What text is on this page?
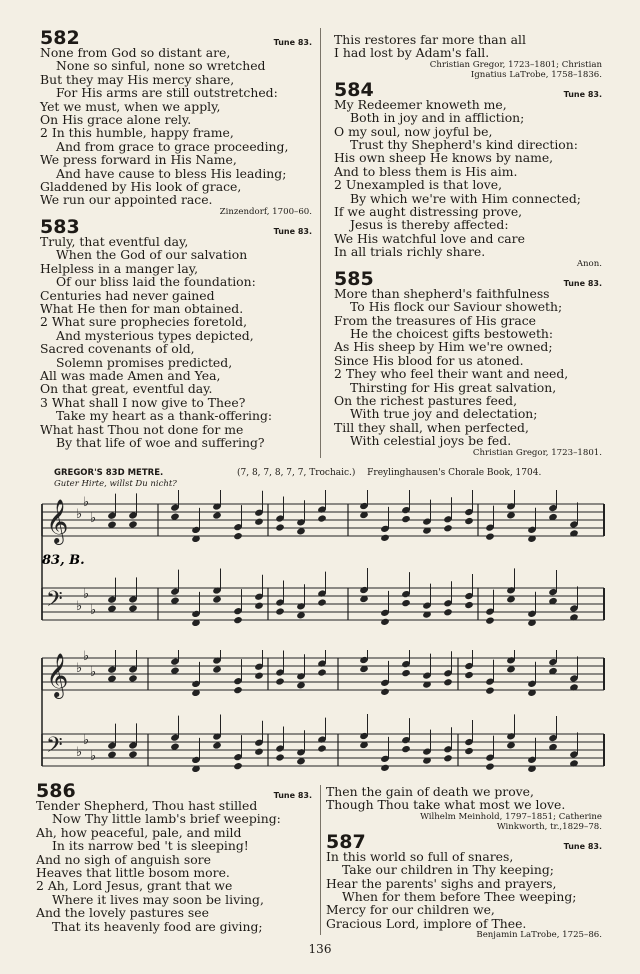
582	Tune 83.
None from God so distant are,
None so sinful, none so wretched
But they may His mercy share,
For His arms are still outstretched:
Yet we must, when we apply,
On His grace alone rely.
2 In this humble, happy frame,
And from grace to grace proceeding,
We press forward in His Name,
And have cause to bless His leading;
Gladdened by His look of grace,
We run our appointed race.
Zinzendorf, 1700–60.
583	Tune 83.
Truly, that eventful day,
When the God of our salvation
Helpless in a manger lay,
Of our bliss laid the foundation:
Centuries had never gained
What He then for man obtained.
2 What sure prophecies foretold,
And mysterious types depicted,
Sacred covenants of old,
Solemn promises predicted,
All was made Amen and Yea,
On that great, eventful day.
3 What shall I now give to Thee?
Take my heart as a thank-offering:
What hast Thou not done for me
By that life of woe and suffering?
This restores far more than all
I had lost by Adam's fall.
Christian Gregor, 1723–1801; Christian
Ignatius LaTrobe, 1758–1836.
584	Tune 83.
My Redeemer knoweth me,
Both in joy and in affliction;
O my soul, now joyful be,
Trust thy Shepherd's kind direction:
His own sheep He knows by name,
And to bless them is His aim.
2 Unexampled is that love,
By which we're with Him connected;
If we aught distressing prove,
Jesus is thereby affected:
We His watchful love and care
In all trials richly share.
Anon.
585	Tune 83.
More than shepherd's faithfulness
To His flock our Saviour showeth;
From the treasures of His grace
He the choicest gifts bestoweth:
As His sheep by Him we're owned;
Since His blood for us atoned.
2 They who feel their want and need,
Thirsting for His great salvation,
On the richest pastures feed,
With true joy and delectation;
Till they shall, when perfected,
With celestial joys be fed.
Christian Gregor, 1723–1801.
GREGOR'S 83D METRE.	(7, 8, 7, 8, 7, 7, Trochaic.) Freylinghausen's Chorale Book, 1704.
Guter Hirte, willst Du nicht?
𝄞 ♭
♭
♭
𝄢 ♭
♭
♭
83, B.
𝄞 ♭
♭
♭
𝄢 ♭
♭
♭
586	Tune 83.
Tender Shepherd, Thou hast stilled
Now Thy little lamb's brief weeping:
Ah, how peaceful, pale, and mild
In its narrow bed 't is sleeping!
And no sigh of anguish sore
Heaves that little bosom more.
2 Ah, Lord Jesus, grant that we
Where it lives may soon be living,
And the lovely pastures see
That its heavenly food are giving;
Then the gain of death we prove,
Though Thou take what most we love.
Wilhelm Meinhold, 1797–1851; Catherine
Winkworth, tr.,1829–78.
587	Tune 83.
In this world so full of snares,
Take our children in Thy keeping;
Hear the parents' sighs and prayers,
When for them before Thee weeping;
Mercy for our children we,
Gracious Lord, implore of Thee.
Benjamin LaTrobe, 1725–86.
136
